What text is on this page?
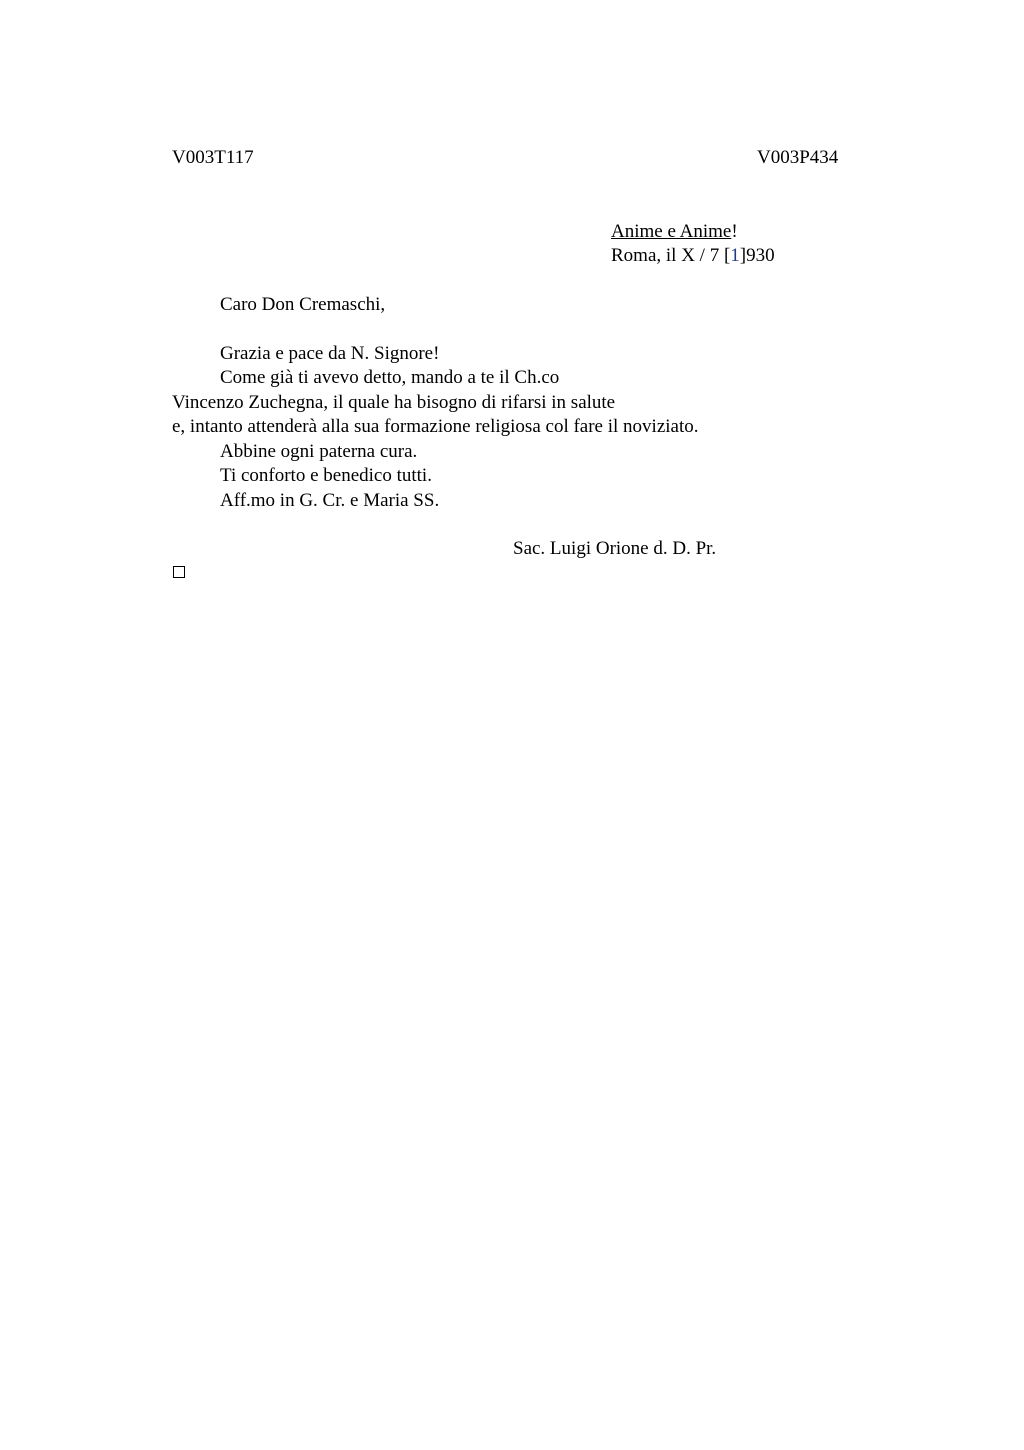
V003T117	V003P434
Anime e Anime!
Roma, il X / 7 [1]930
Caro Don Cremaschi,
Grazia e pace da N. Signore!
Come già ti avevo detto, mando a te il Ch.co
Vincenzo Zuchegna, il quale ha bisogno di rifarsi in salute
e, intanto attenderà alla sua formazione religiosa col fare il noviziato.
Abbine ogni paterna cura.
Ti conforto e benedico tutti.
Aff.mo in G. Cr. e Maria SS.
Sac. Luigi Orione d. D. Pr.
